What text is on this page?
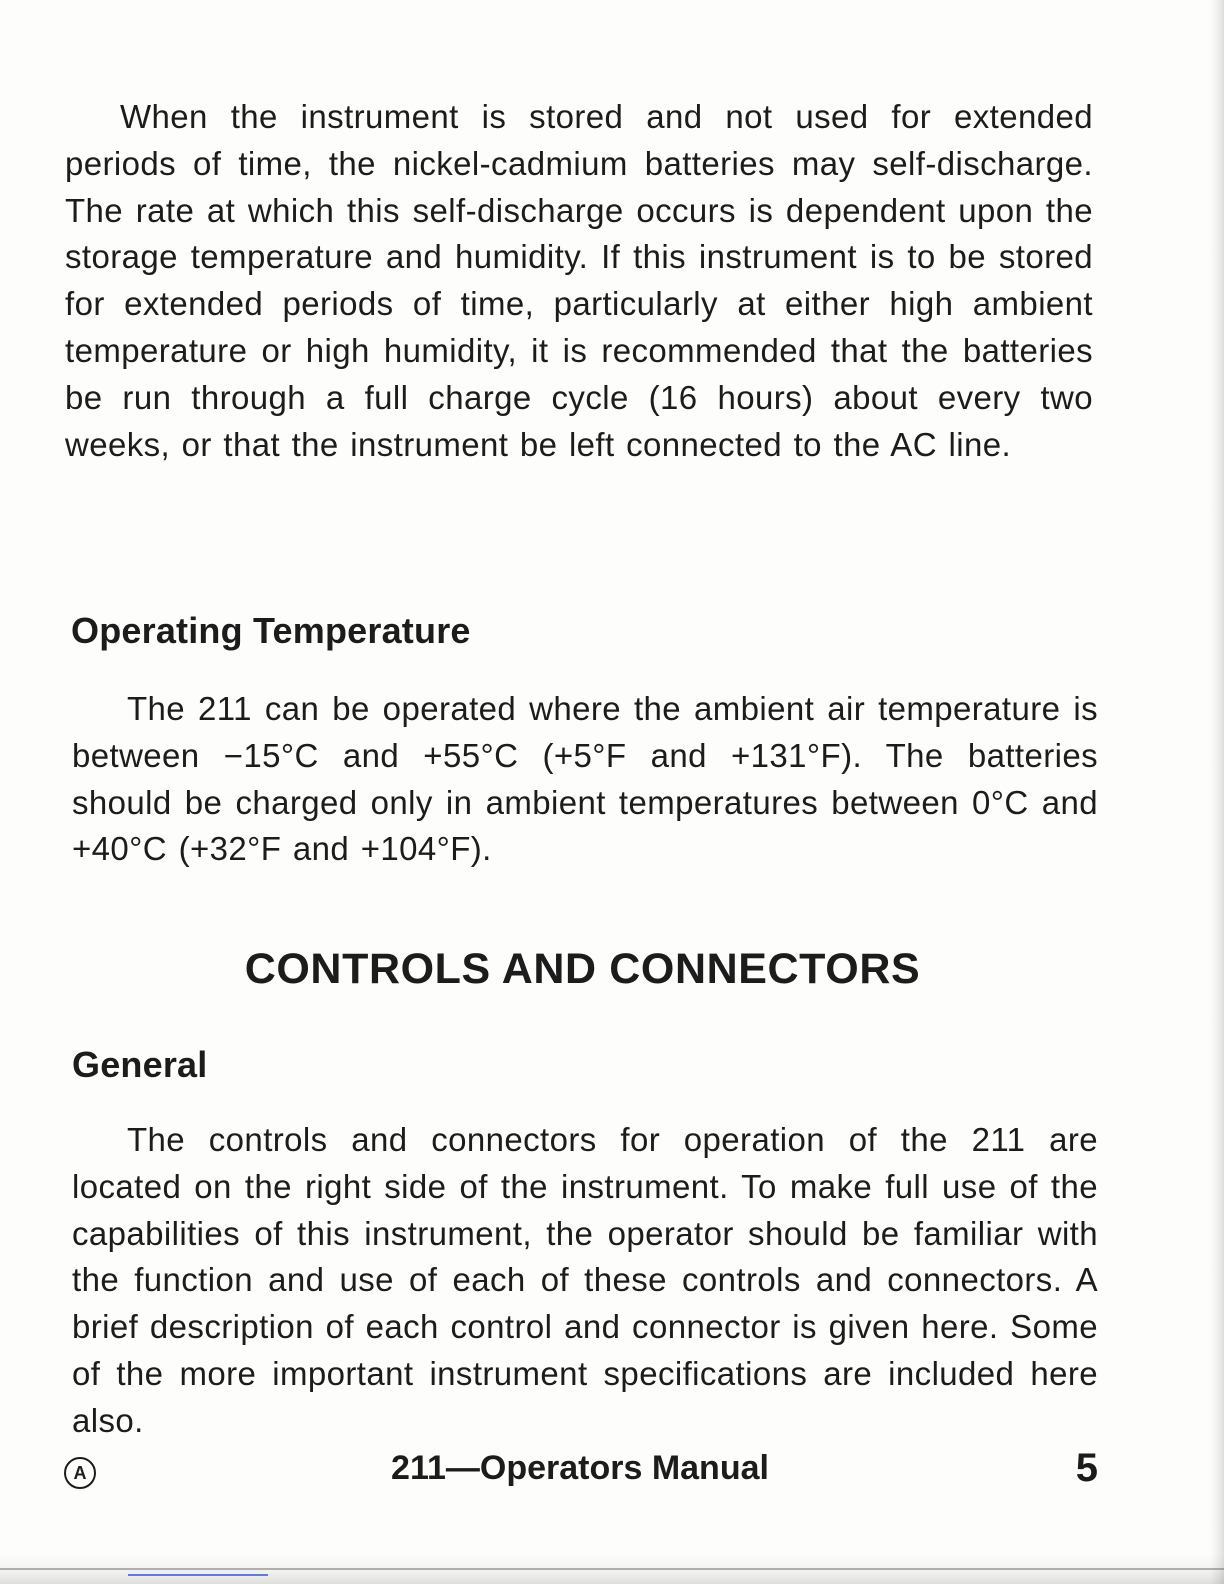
When the instrument is stored and not used for extended periods of time, the nickel-cadmium batteries may self-discharge. The rate at which this self-discharge occurs is dependent upon the storage temperature and humidity. If this instrument is to be stored for extended periods of time, particularly at either high ambient temperature or high humidity, it is recommended that the batteries be run through a full charge cycle (16 hours) about every two weeks, or that the instrument be left connected to the AC line.

Operating Temperature

The 211 can be operated where the ambient air temperature is between −15°C and +55°C (+5°F and +131°F). The batteries should be charged only in ambient temperatures between 0°C and +40°C (+32°F and +104°F).

CONTROLS AND CONNECTORS
General

The controls and connectors for operation of the 211 are located on the right side of the instrument. To make full use of the capabilities of this instrument, the operator should be familiar with the function and use of each of these controls and connectors. A brief description of each control and connector is given here. Some of the more important instrument specifications are included here also.

A	211—Operators Manual	5
